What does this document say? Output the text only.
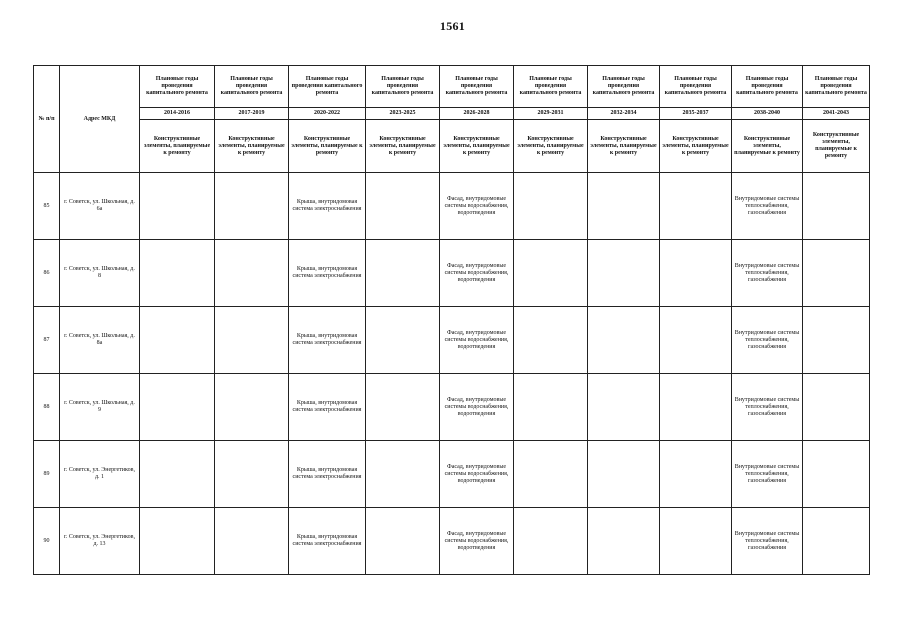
1561
№ п/п	Адрес МКД	Плановые годы проведения капитального ремонта	Плановые годы проведения капитального ремонта	Плановые годы проведения капитального ремонта	Плановые годы проведения капитального ремонта	Плановые годы проведения капитального ремонта	Плановые годы проведения капитального ремонта	Плановые годы проведения капитального ремонта	Плановые годы проведения капитального ремонта	Плановые годы проведения капитального ремонта	Плановые годы проведения капитального ремонта
		2014-2016	2017-2019	2020-2022	2023-2025	2026-2028	2029-2031	2032-2034	2035-2037	2038-2040	2041-2043
		Конструктивные элементы, планируемые к ремонту	Конструктивные элементы, планируемые к ремонту	Конструктивные элементы, планируемые к ремонту	Конструктивные элементы, планируемые к ремонту	Конструктивные элементы, планируемые к ремонту	Конструктивные элементы, планируемые к ремонту	Конструктивные элементы, планируемые к ремонту	Конструктивные элементы, планируемые к ремонту	Конструктивные элементы, планируемые к ремонту	Конструктивные элементы, планируемые к ремонту
85	г. Советск, ул. Школьная, д. 6а			Крыша, внутридомовая система электроснабжения		Фасад, внутридомовые системы водоснабжения, водоотведения				Внутридомовые системы теплоснабжения, газоснабжения	
86	г. Советск, ул. Школьная, д. 8			Крыша, внутридомовая система электроснабжения		Фасад, внутридомовые системы водоснабжения, водоотведения				Внутридомовые системы теплоснабжения, газоснабжения	
87	г. Советск, ул. Школьная, д. 8а			Крыша, внутридомовая система электроснабжения		Фасад, внутридомовые системы водоснабжения, водоотведения				Внутридомовые системы теплоснабжения, газоснабжения	
88	г. Советск, ул. Школьная, д. 9			Крыша, внутридомовая система электроснабжения		Фасад, внутридомовые системы водоснабжения, водоотведения				Внутридомовые системы теплоснабжения, газоснабжения	
89	г. Советск, ул. Энергетиков, д. 1			Крыша, внутридомовая система электроснабжения		Фасад, внутридомовые системы водоснабжения, водоотведения				Внутридомовые системы теплоснабжения, газоснабжения	
90	г. Советск, ул. Энергетиков, д. 13			Крыша, внутридомовая система электроснабжения		Фасад, внутридомовые системы водоснабжения, водоотведения				Внутридомовые системы теплоснабжения, газоснабжения	
